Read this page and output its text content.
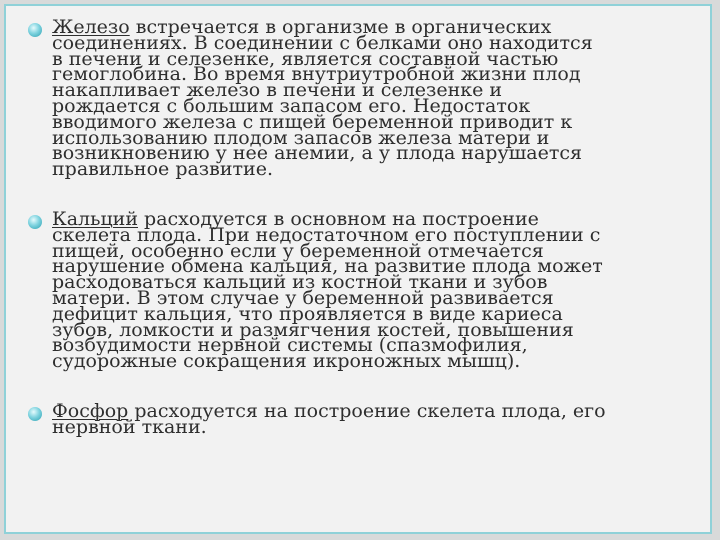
Железо встречается в организме в органических
соединениях. В соединении с белками оно находится
в печени и селезенке, является составной частью
гемоглобина. Во время внутриутробной жизни плод
накапливает железо в печени и селезенке и
рождается с большим запасом его. Недостаток
вводимого железа с пищей беременной приводит к
использованию плодом запасов железа матери и
возникновению у нее анемии, а у плода нарушается
правильное развитие.

Кальций расходуется в основном на построение
скелета плода. При недостаточном его поступлении с
пищей, особенно если у беременной отмечается
нарушение обмена кальция, на развитие плода может
расходоваться кальций из костной ткани и зубов
матери. В этом случае у беременной развивается
дефицит кальция, что проявляется в виде кариеса
зубов, ломкости и размягчения костей, повышения
возбудимости нервной системы (спазмофилия,
судорожные сокращения икроножных мышц).

Фосфор расходуется на построение скелета плода, его
нервной ткани.
